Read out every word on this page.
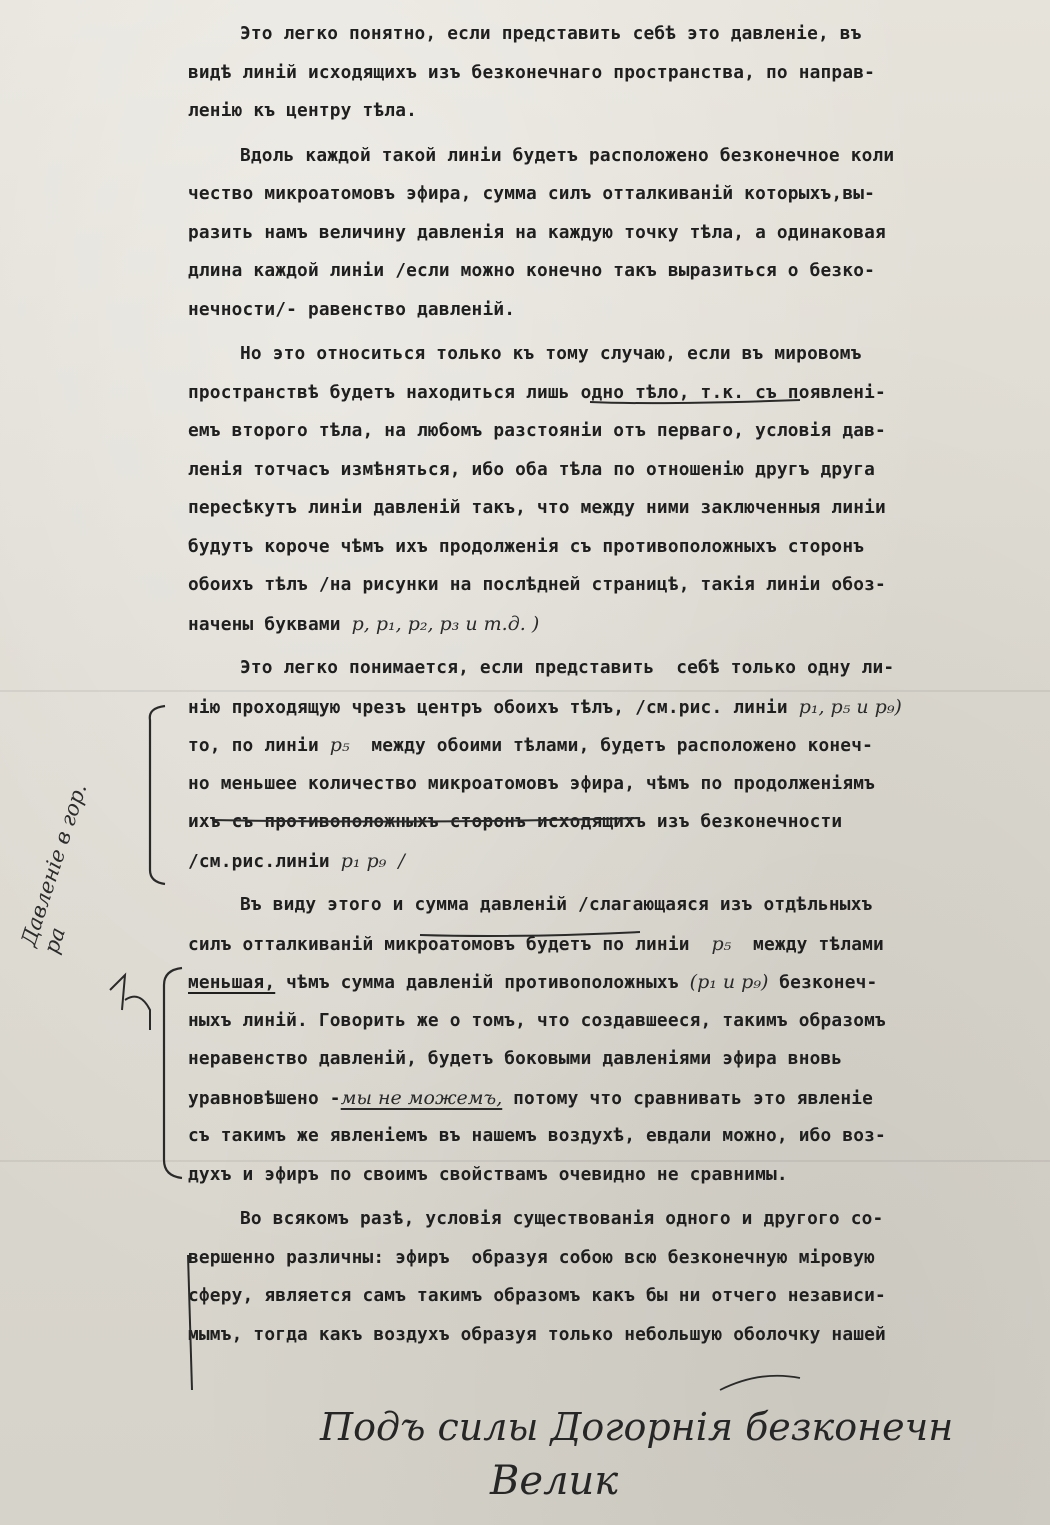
Это легко понятно, если представить себѣ это давленіе, въ
видѣ линій исходящихъ изъ безконечнаго пространства, по направ-
ленію къ центру тѣла.
Вдоль каждой такой линіи будетъ расположено безконечное коли
чество микроатомовъ эфира, сумма силъ отталкиваній которыхъ,вы-
разить намъ величину давленія на каждую точку тѣла, а одинаковая
длина каждой линіи /если можно конечно такъ выразиться о безко-
нечности/- равенство давленій.
Но это относиться только къ тому случаю, если въ мировомъ
пространствѣ будетъ находиться лишь одно тѣло, т.к. съ появлені-
емъ второго тѣла, на любомъ разстояніи отъ перваго, условія дав-
ленія тотчасъ измѣняться, ибо оба тѣла по отношенію другъ друга
пересѣкутъ линіи давленій такъ, что между ними заключенныя линіи
будутъ короче чѣмъ ихъ продолженія съ противоположныхъ сторонъ
обоихъ тѣлъ /на рисунки на послѣдней страницѣ, такія линіи обоз-
начены буквами p, p₁, p₂, p₃ и т.д. )
Это легко понимается, если представить  себѣ только одну ли-
нію проходящую чрезъ центръ обоихъ тѣлъ, /см.рис. линіи p₁, p₅ и p₉)
то, по линіи p₅ между обоими тѣлами, будетъ расположено конеч-
но меньшее количество микроатомовъ эфира, чѣмъ по продолженіямъ
ихъ съ противоположныхъ сторонъ исходящихъ изъ безконечности
/см.рис.линіи p₁ p₉  /
Въ виду этого и сумма давленій /слагающаяся изъ отдѣльныхъ
силъ отталкиваній микроатомовъ будетъ по линіи p₅ между тѣлами
меньшая, чѣмъ сумма давленій противоположныхъ (p₁ и p₉) безконеч-
ныхъ линій. Говорить же о томъ, что создавшееся, такимъ образомъ
неравенство давленій, будетъ боковыми давленіями эфира вновь
уравновѣшено -мы не можемъ, потому что сравнивать это явленіе
съ такимъ же явленіемъ въ нашемъ воздухѣ, евдали можно, ибо воз-
духъ и эфиръ по своимъ свойствамъ очевидно не сравнимы.
Во всякомъ разѣ, условія существованія одного и другого со-
вершенно различны: эфиръ  образуя собою всю безконечную міровую
сферу, является самъ такимъ образомъ какъ бы ни отчего независи-
мымъ, тогда какъ воздухъ образуя только небольшую оболочку нашей
Давленіе в гор. ра
Подъ силы Догорнія безконечн
Велик
